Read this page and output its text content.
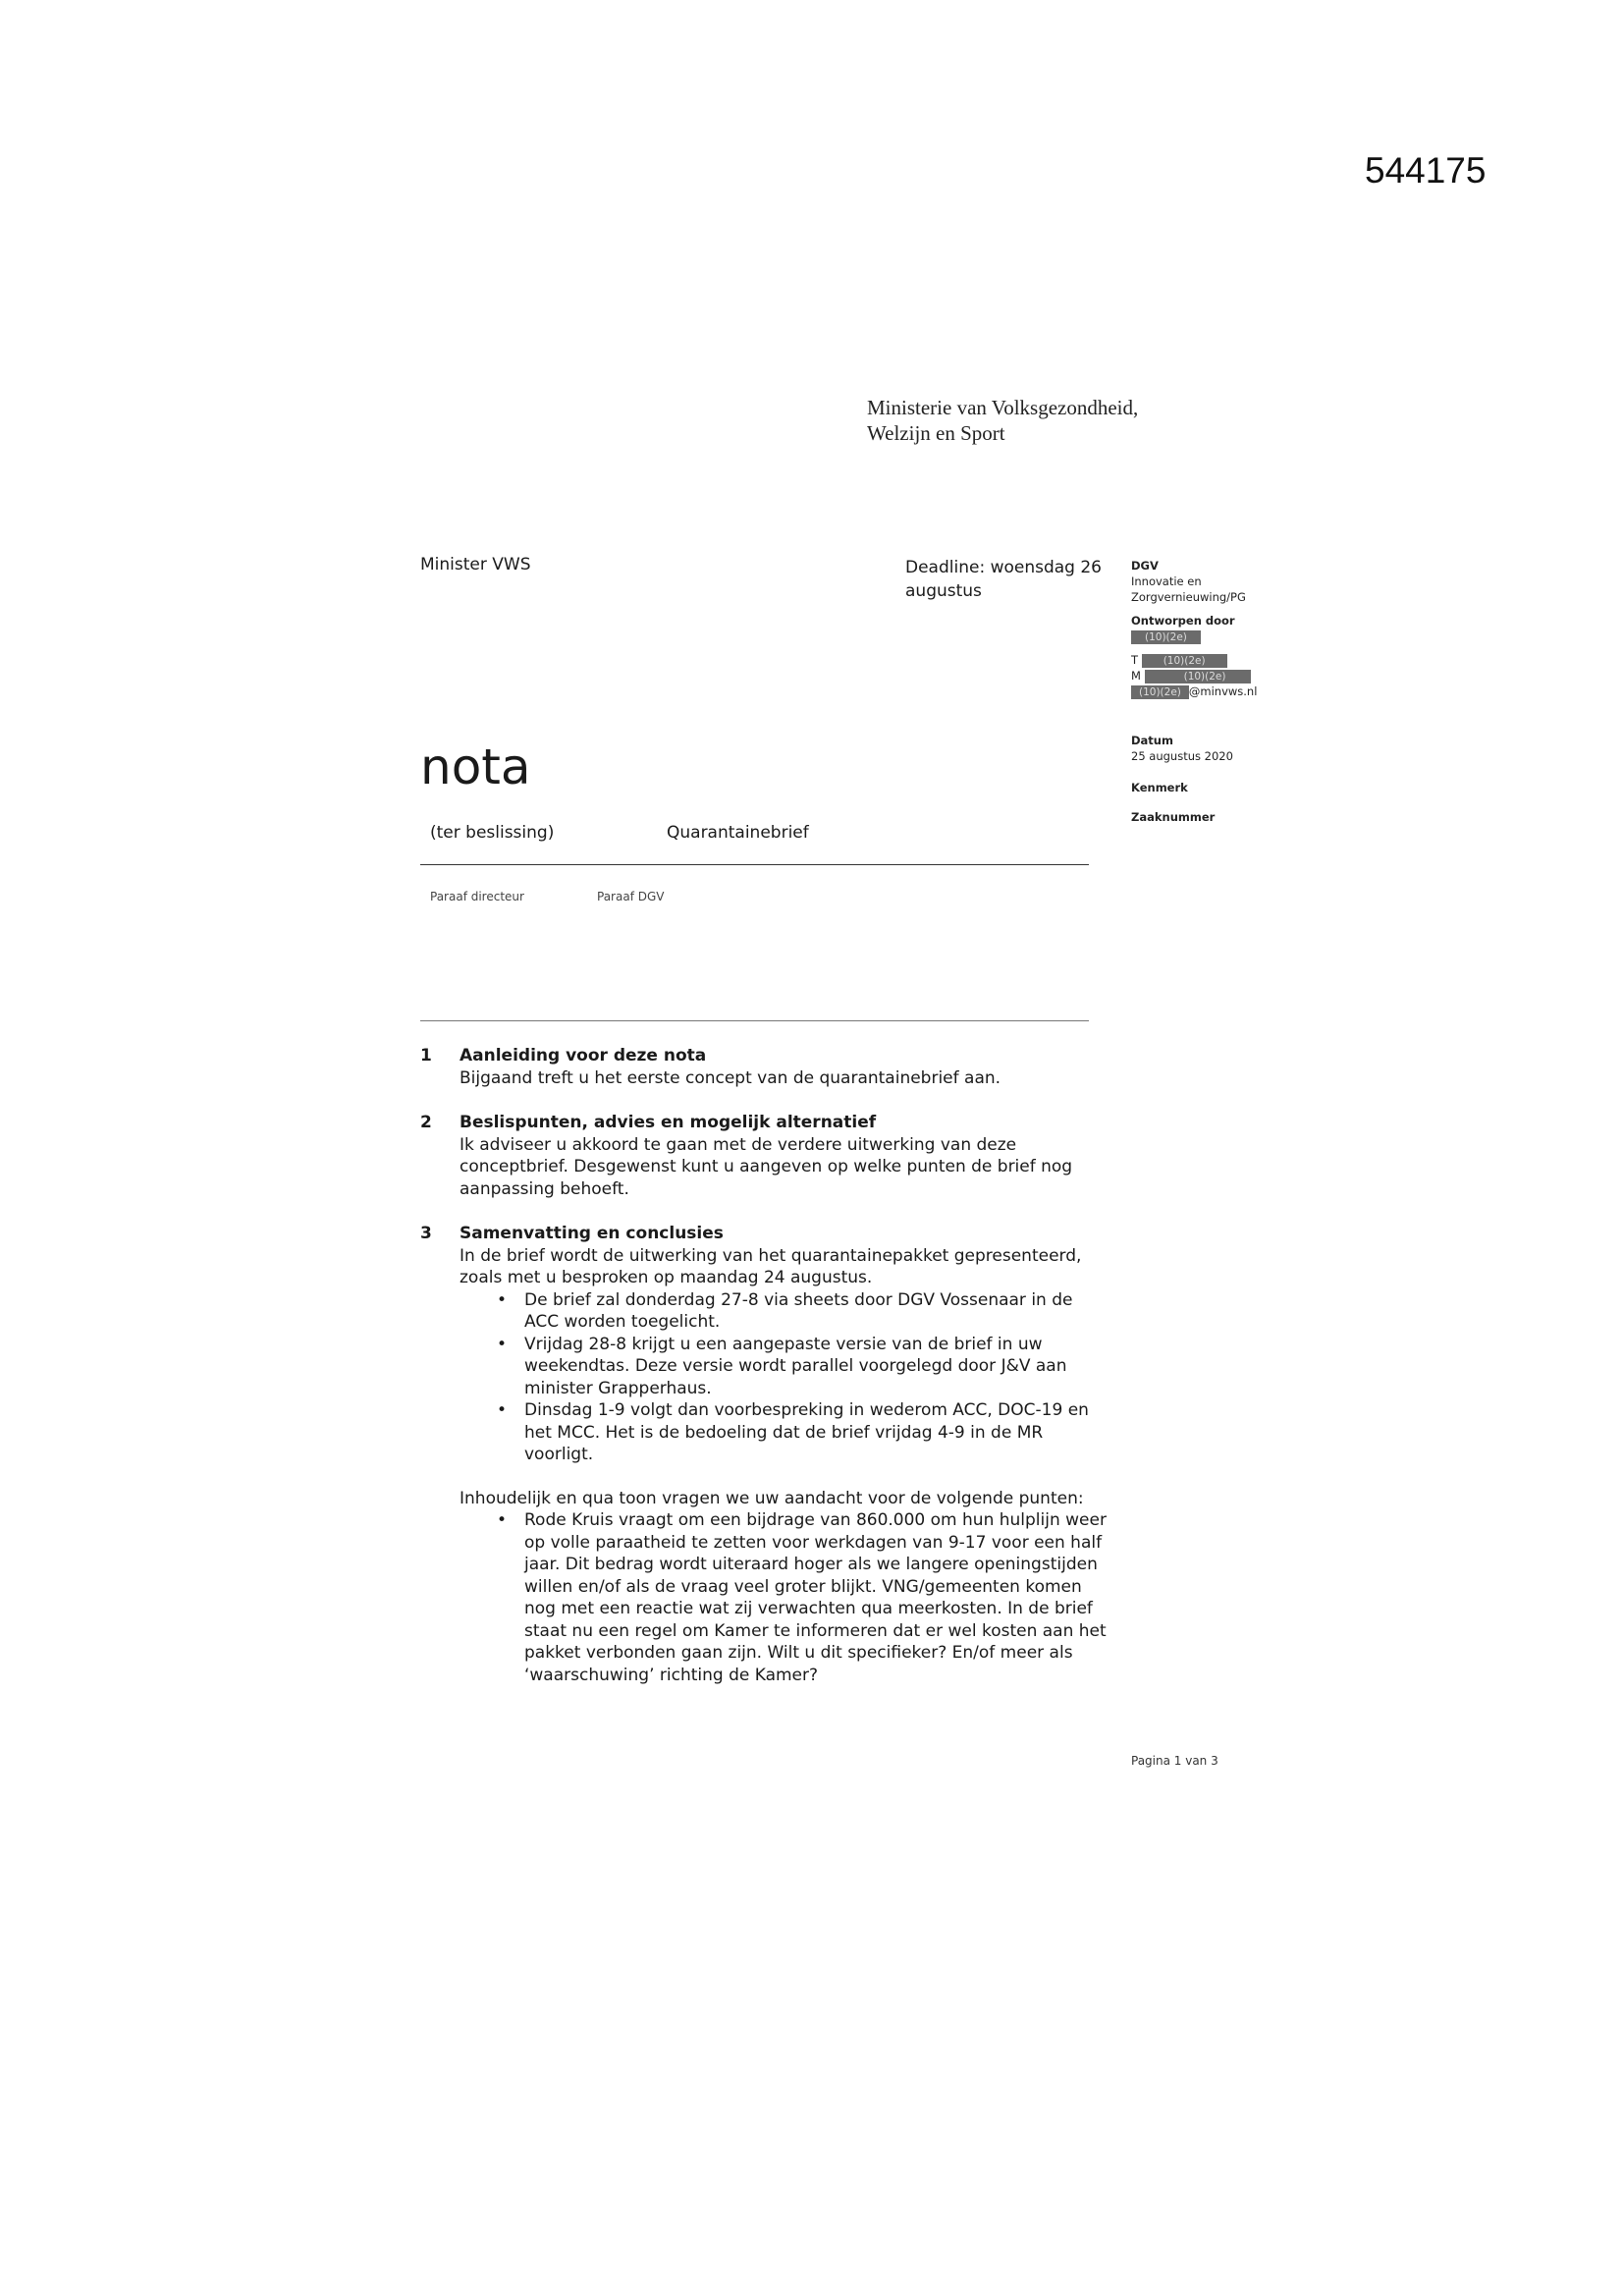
544175
Ministerie van Volksgezondheid,
Welzijn en Sport
Minister VWS	Deadline: woensdag 26 augustus
DGV
Innovatie en
Zorgvernieuwing/PG
Ontworpen door
(10)(2e)
T (10)(2e)
M	(10)(2e)
(10)(2e) @minvws.nl
Datum
25 augustus 2020
Kenmerk
Zaaknummer
nota
(ter beslissing)	Quarantainebrief
Paraaf directeur	Paraaf DGV
1 Aanleiding voor deze nota
Bijgaand treft u het eerste concept van de quarantainebrief aan.
2 Beslispunten, advies en mogelijk alternatief
Ik adviseer u akkoord te gaan met de verdere uitwerking van deze conceptbrief. Desgewenst kunt u aangeven op welke punten de brief nog aanpassing behoeft.
3 Samenvatting en conclusies
In de brief wordt de uitwerking van het quarantainepakket gepresenteerd, zoals met u besproken op maandag 24 augustus.
• De brief zal donderdag 27-8 via sheets door DGV Vossenaar in de ACC worden toegelicht.
• Vrijdag 28-8 krijgt u een aangepaste versie van de brief in uw weekendtas. Deze versie wordt parallel voorgelegd door J&V aan minister Grapperhaus.
• Dinsdag 1-9 volgt dan voorbespreking in wederom ACC, DOC-19 en het MCC. Het is de bedoeling dat de brief vrijdag 4-9 in de MR voorligt.
Inhoudelijk en qua toon vragen we uw aandacht voor de volgende punten:
• Rode Kruis vraagt om een bijdrage van 860.000 om hun hulplijn weer op volle paraatheid te zetten voor werkdagen van 9-17 voor een half jaar. Dit bedrag wordt uiteraard hoger als we langere openingstijden willen en/of als de vraag veel groter blijkt. VNG/gemeenten komen nog met een reactie wat zij verwachten qua meerkosten. In de brief staat nu een regel om Kamer te informeren dat er wel kosten aan het pakket verbonden gaan zijn. Wilt u dit specifieker? En/of meer als ‘waarschuwing’ richting de Kamer?
Pagina 1 van 3
